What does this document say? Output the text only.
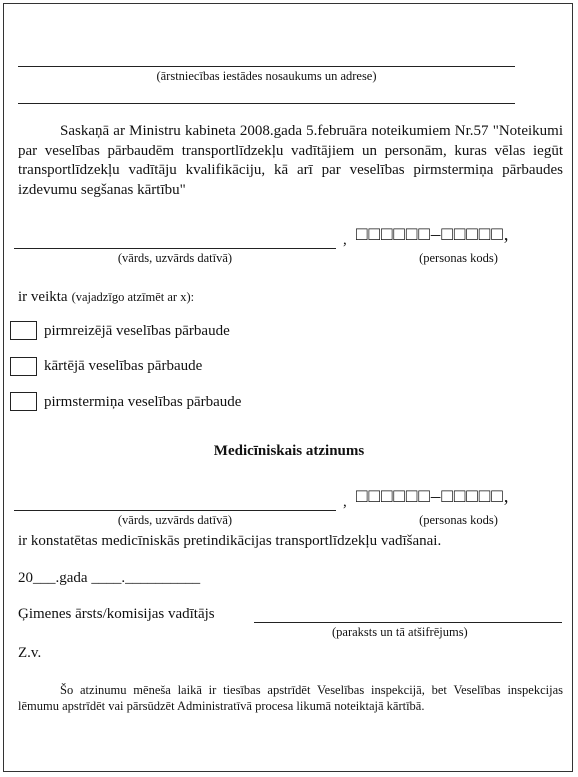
(ārstniecības iestādes nosaukums un adrese)
Saskaņā ar Ministru kabineta 2008.gada 5.februāra noteikumiem Nr.57 "Noteikumi par veselības pārbaudēm transportlīdzekļu vadītājiem un personām, kuras vēlas iegūt transportlīdzekļu vadītāju kvalifikāciju, kā arī par veselības pirmstermiņa pārbaudes izdevumu segšanas kārtību"
, □□□□□□–□□□□□,
(vārds, uzvārds datīvā)	(personas kods)
ir veikta (vajadzīgo atzīmēt ar x):
pirmreizējā veselības pārbaude
kārtējā veselības pārbaude
pirmstermiņa veselības pārbaude
Medicīniskais atzinums
, □□□□□□–□□□□□,
(vārds, uzvārds datīvā)	(personas kods)
ir konstatētas medicīniskās pretindikācijas transportlīdzekļu vadīšanai.
20___.gada ____.__________
Ģimenes ārsts/komisijas vadītājs
(paraksts un tā atšifrējums)
Z.v.
Šo atzinumu mēneša laikā ir tiesības apstrīdēt Veselības inspekcijā, bet Veselības inspekcijas lēmumu apstrīdēt vai pārsūdzēt Administratīvā procesa likumā noteiktajā kārtībā.
